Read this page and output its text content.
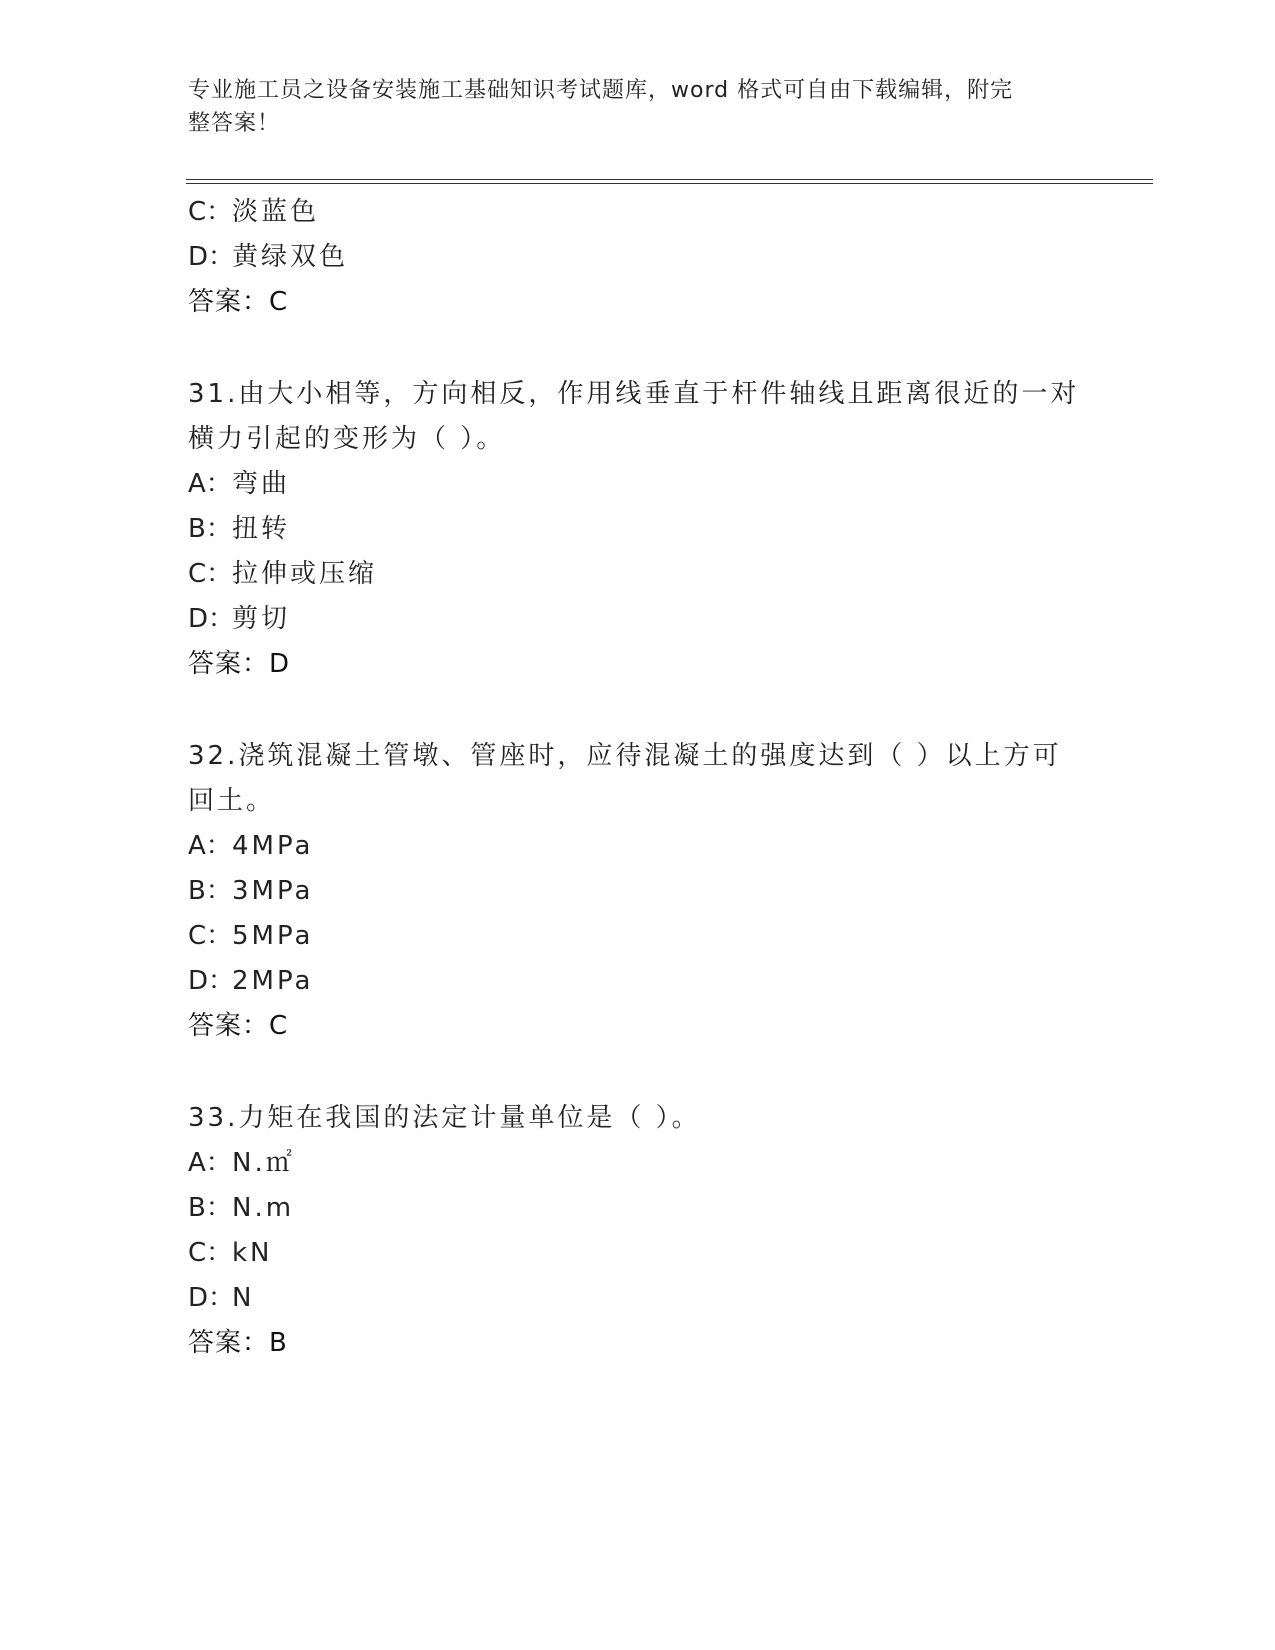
专业施工员之设备安装施工基础知识考试题库，word 格式可自由下载编辑，附完
整答案！
C：淡蓝色
D：黄绿双色
答案：C
31.由大小相等，方向相反，作用线垂直于杆件轴线且距离很近的一对
横力引起的变形为（ ）。
A：弯曲
B：扭转
C：拉伸或压缩
D：剪切
答案：D
32.浇筑混凝土管墩、管座时，应待混凝土的强度达到（ ）以上方可
回土。
A：4MPa
B：3MPa
C：5MPa
D：2MPa
答案：C
33.力矩在我国的法定计量单位是（ ）。
A：N.㎡
B：N.m
C：kN
D：N
答案：B
